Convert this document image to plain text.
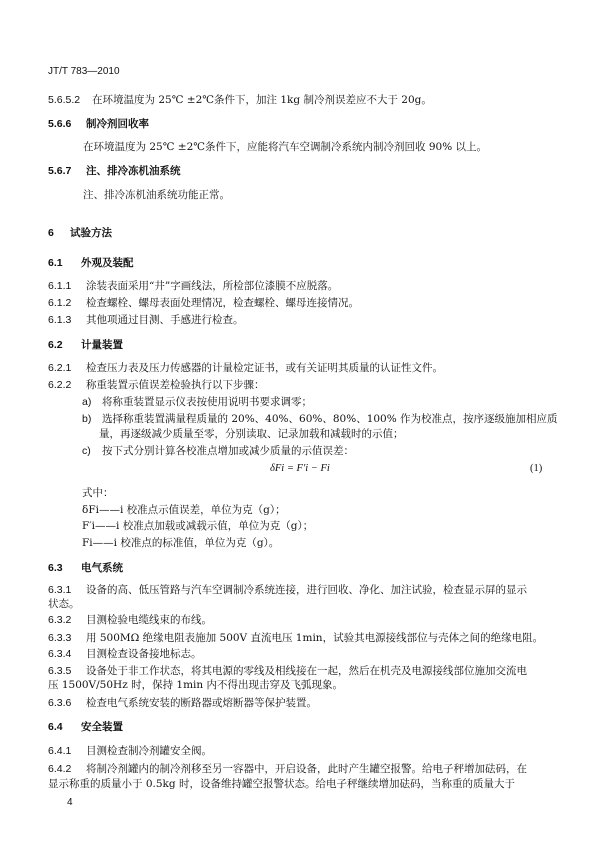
JT/T 783—2010
5.6.5.2 在环境温度为 25℃ ±2℃条件下，加注 1kg 制冷剂误差应不大于 20g。
5.6.6 制冷剂回收率
在环境温度为 25℃ ±2℃条件下，应能将汽车空调制冷系统内制冷剂回收 90% 以上。
5.6.7 注、排冷冻机油系统
注、排冷冻机油系统功能正常。
6 试验方法
6.1 外观及装配
6.1.1 涂装表面采用“井”字画线法，所检部位漆膜不应脱落。
6.1.2 检查螺栓、螺母表面处理情况，检查螺栓、螺母连接情况。
6.1.3 其他项通过目测、手感进行检查。
6.2 计量装置
6.2.1 检查压力表及压力传感器的计量检定证书，或有关证明其质量的认证性文件。
6.2.2 称重装置示值误差检验执行以下步骤：
a) 将称重装置显示仪表按使用说明书要求调零；
b) 选择称重装置满量程质量的 20%、40%、60%、80%、100% 作为校准点，按序逐级施加相应质
量，再逐级减少质量至零，分别读取、记录加载和减载时的示值；
c) 按下式分别计算各校准点增加或减少质量的示值误差：
式中：
δFi——i 校准点示值误差，单位为克（g）；
F′i——i 校准点加载或减载示值，单位为克（g）；
Fi——i 校准点的标准值，单位为克（g）。
6.3 电气系统
6.3.1 设备的高、低压管路与汽车空调制冷系统连接，进行回收、净化、加注试验，检查显示屏的显示
状态。
6.3.2 目测检验电缆线束的布线。
6.3.3 用 500MΩ 绝缘电阻表施加 500V 直流电压 1min，试验其电源接线部位与壳体之间的绝缘电阻。
6.3.4 目测检查设备接地标志。
6.3.5 设备处于非工作状态，将其电源的零线及相线接在一起，然后在机壳及电源接线部位施加交流电
压 1500V/50Hz 时，保持 1min 内不得出现击穿及飞弧现象。
6.3.6 检查电气系统安装的断路器或熔断器等保护装置。
6.4 安全装置
6.4.1 目测检查制冷剂罐安全阀。
6.4.2 将制冷剂罐内的制冷剂移至另一容器中，开启设备，此时产生罐空报警。给电子秤增加砝码，在
显示称重的质量小于 0.5kg 时，设备维持罐空报警状态。给电子秤继续增加砝码，当称重的质量大于
δFi = F′i − Fi	(1)
4
